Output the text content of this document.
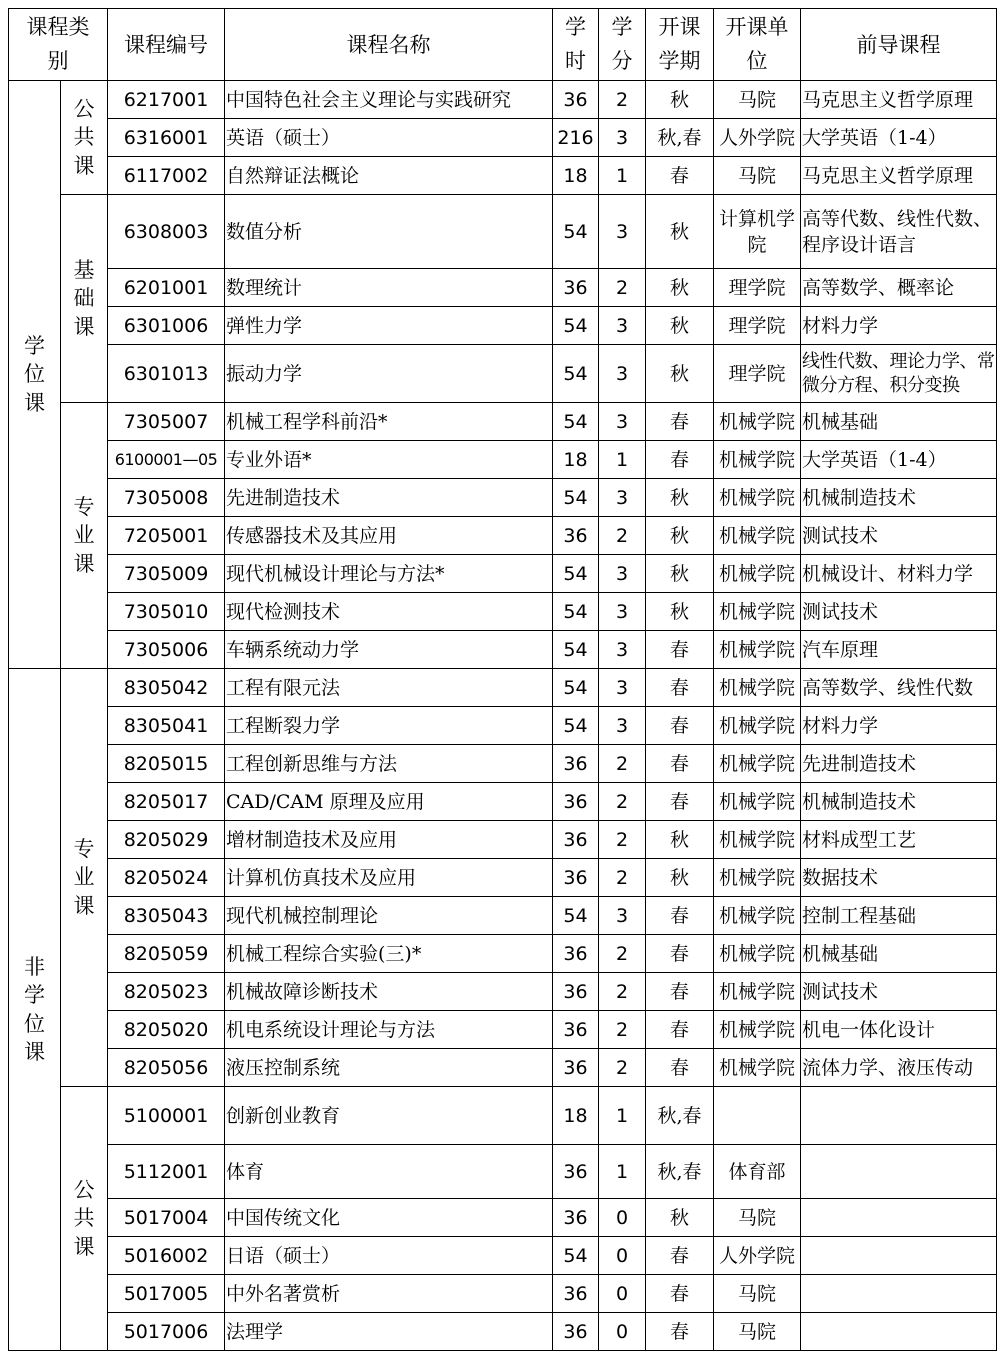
课程类别		课程编号	课程名称	学时	学分	开课学期	开课单位	前导课程
学位课	公共课	6217001	中国特色社会主义理论与实践研究	36	2	秋	马院	马克思主义哲学原理
		6316001	英语（硕士）	216	3	秋,春	人外学院	大学英语（1-4）
		6117002	自然辩证法概论	18	1	春	马院	马克思主义哲学原理
	基础课	6308003	数值分析	54	3	秋	计算机学院	高等代数、线性代数、程序设计语言
		6201001	数理统计	36	2	秋	理学院	高等数学、概率论
		6301006	弹性力学	54	3	秋	理学院	材料力学
		6301013	振动力学	54	3	秋	理学院	线性代数、理论力学、常微分方程、积分变换
	专业课	7305007	机械工程学科前沿*	54	3	春	机械学院	机械基础
		6100001—05	专业外语*	18	1	春	机械学院	大学英语（1-4）
		7305008	先进制造技术	54	3	秋	机械学院	机械制造技术
		7205001	传感器技术及其应用	36	2	秋	机械学院	测试技术
		7305009	现代机械设计理论与方法*	54	3	秋	机械学院	机械设计、材料力学
		7305010	现代检测技术	54	3	秋	机械学院	测试技术
		7305006	车辆系统动力学	54	3	春	机械学院	汽车原理
非学位课	专业课	8305042	工程有限元法	54	3	春	机械学院	高等数学、线性代数
		8305041	工程断裂力学	54	3	春	机械学院	材料力学
		8205015	工程创新思维与方法	36	2	春	机械学院	先进制造技术
		8205017	CAD/CAM 原理及应用	36	2	春	机械学院	机械制造技术
		8205029	增材制造技术及应用	36	2	秋	机械学院	材料成型工艺
		8205024	计算机仿真技术及应用	36	2	秋	机械学院	数据技术
		8305043	现代机械控制理论	54	3	春	机械学院	控制工程基础
		8205059	机械工程综合实验(三)*	36	2	春	机械学院	机械基础
		8205023	机械故障诊断技术	36	2	春	机械学院	测试技术
		8205020	机电系统设计理论与方法	36	2	春	机械学院	机电一体化设计
		8205056	液压控制系统	36	2	春	机械学院	流体力学、液压传动
	公共课	5100001	创新创业教育	18	1	秋,春		
		5112001	体育	36	1	秋,春	体育部	
		5017004	中国传统文化	36	0	秋	马院	
		5016002	日语（硕士）	54	0	春	人外学院	
		5017005	中外名著赏析	36	0	春	马院	
		5017006	法理学	36	0	春	马院	
